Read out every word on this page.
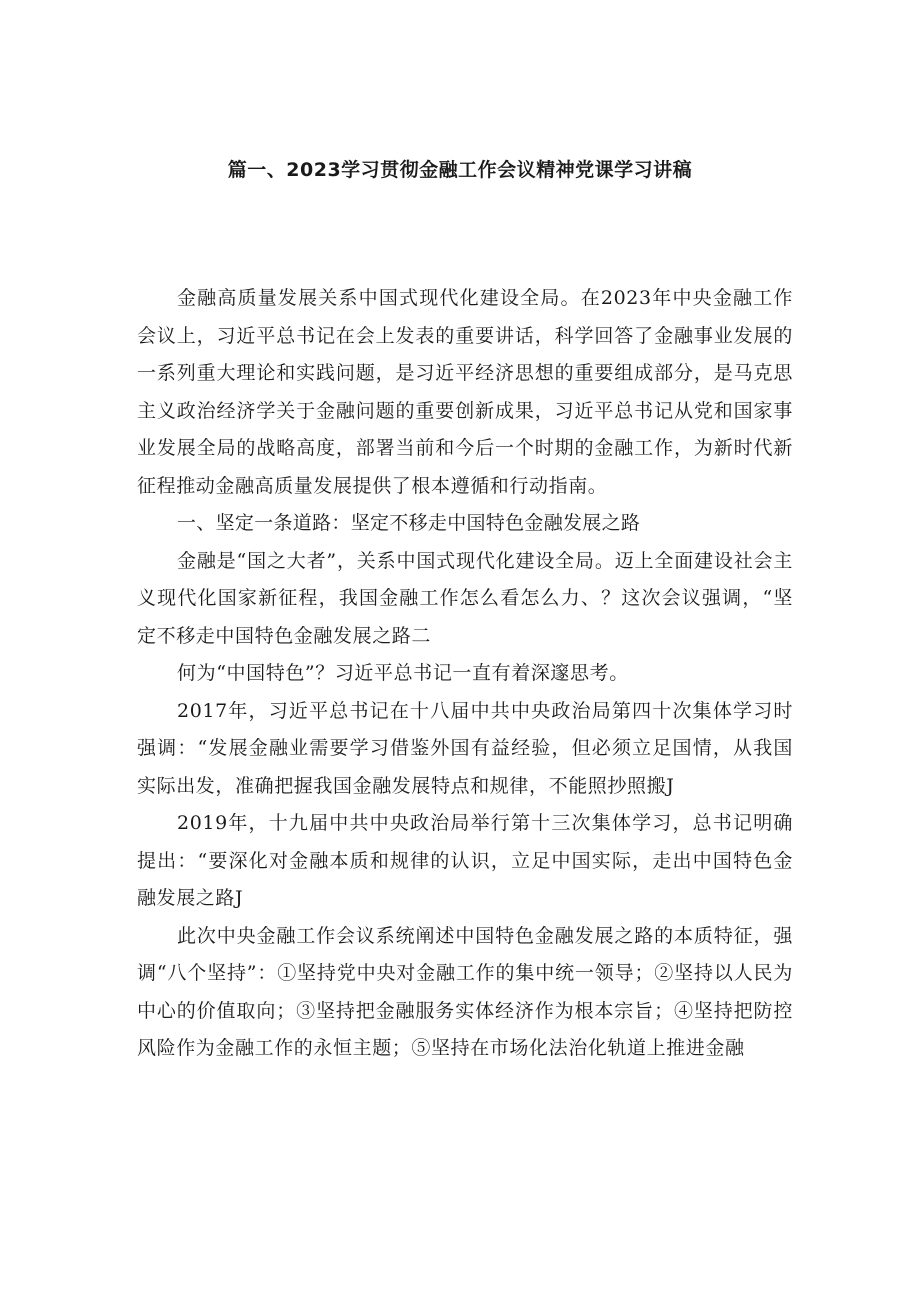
篇一、2023学习贯彻金融工作会议精神党课学习讲稿

金融高质量发展关系中国式现代化建设全局。在2023年中央金融工作会议上，习近平总书记在会上发表的重要讲话，科学回答了金融事业发展的一系列重大理论和实践问题，是习近平经济思想的重要组成部分，是马克思主义政治经济学关于金融问题的重要创新成果，习近平总书记从党和国家事业发展全局的战略高度，部署当前和今后一个时期的金融工作，为新时代新征程推动金融高质量发展提供了根本遵循和行动指南。

一、坚定一条道路：坚定不移走中国特色金融发展之路

金融是“国之大者”，关系中国式现代化建设全局。迈上全面建设社会主义现代化国家新征程，我国金融工作怎么看怎么力、？这次会议强调，“坚定不移走中国特色金融发展之路二

何为“中国特色”？习近平总书记一直有着深邃思考。

2017年，习近平总书记在十八届中共中央政治局第四十次集体学习时强调：“发展金融业需要学习借鉴外国有益经验，但必须立足国情，从我国实际出发，准确把握我国金融发展特点和规律，不能照抄照搬J

2019年，十九届中共中央政治局举行第十三次集体学习，总书记明确提出：“要深化对金融本质和规律的认识，立足中国实际，走出中国特色金融发展之路J

此次中央金融工作会议系统阐述中国特色金融发展之路的本质特征，强调“八个坚持”：①坚持党中央对金融工作的集中统一领导；②坚持以人民为中心的价值取向；③坚持把金融服务实体经济作为根本宗旨；④坚持把防控风险作为金融工作的永恒主题；⑤坚持在市场化法治化轨道上推进金融
